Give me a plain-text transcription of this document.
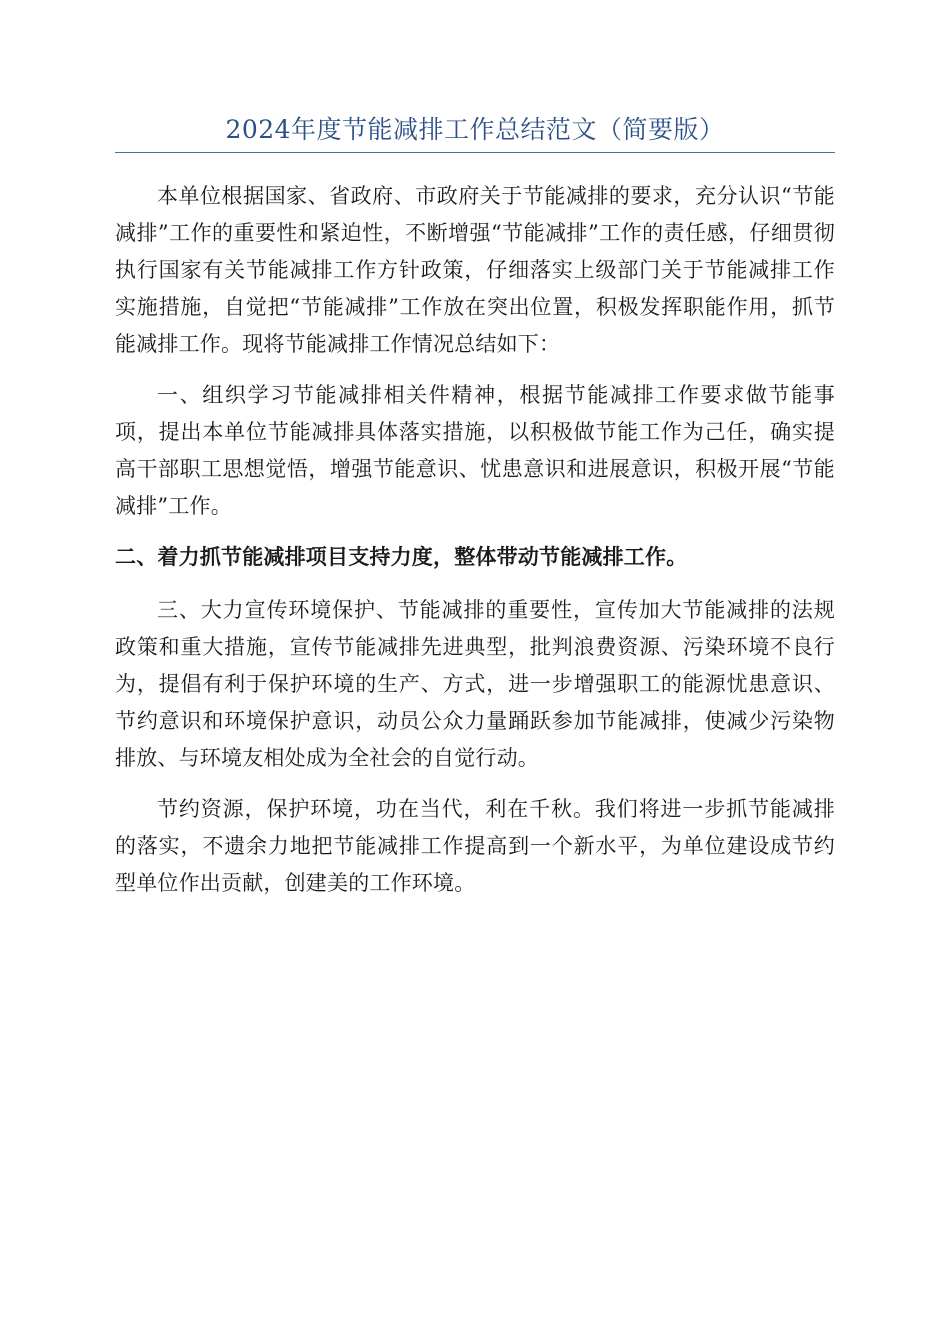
2024年度节能减排工作总结范文（简要版）

本单位根据国家、省政府、市政府关于节能减排的要求，充分认识“节能减排”工作的重要性和紧迫性，不断增强“节能减排”工作的责任感，仔细贯彻执行国家有关节能减排工作方针政策，仔细落实上级部门关于节能减排工作实施措施，自觉把“节能减排”工作放在突出位置，积极发挥职能作用，抓节能减排工作。现将节能减排工作情况总结如下：

一、组织学习节能减排相关件精神，根据节能减排工作要求做节能事项，提出本单位节能减排具体落实措施，以积极做节能工作为己任，确实提高干部职工思想觉悟，增强节能意识、忧患意识和进展意识，积极开展“节能减排”工作。

二、着力抓节能减排项目支持力度，整体带动节能减排工作。

三、大力宣传环境保护、节能减排的重要性，宣传加大节能减排的法规政策和重大措施，宣传节能减排先进典型，批判浪费资源、污染环境不良行为，提倡有利于保护环境的生产、方式，进一步增强职工的能源忧患意识、节约意识和环境保护意识，动员公众力量踊跃参加节能减排，使减少污染物排放、与环境友相处成为全社会的自觉行动。

节约资源，保护环境，功在当代，利在千秋。我们将进一步抓节能减排的落实，不遗余力地把节能减排工作提高到一个新水平，为单位建设成节约型单位作出贡献，创建美的工作环境。
